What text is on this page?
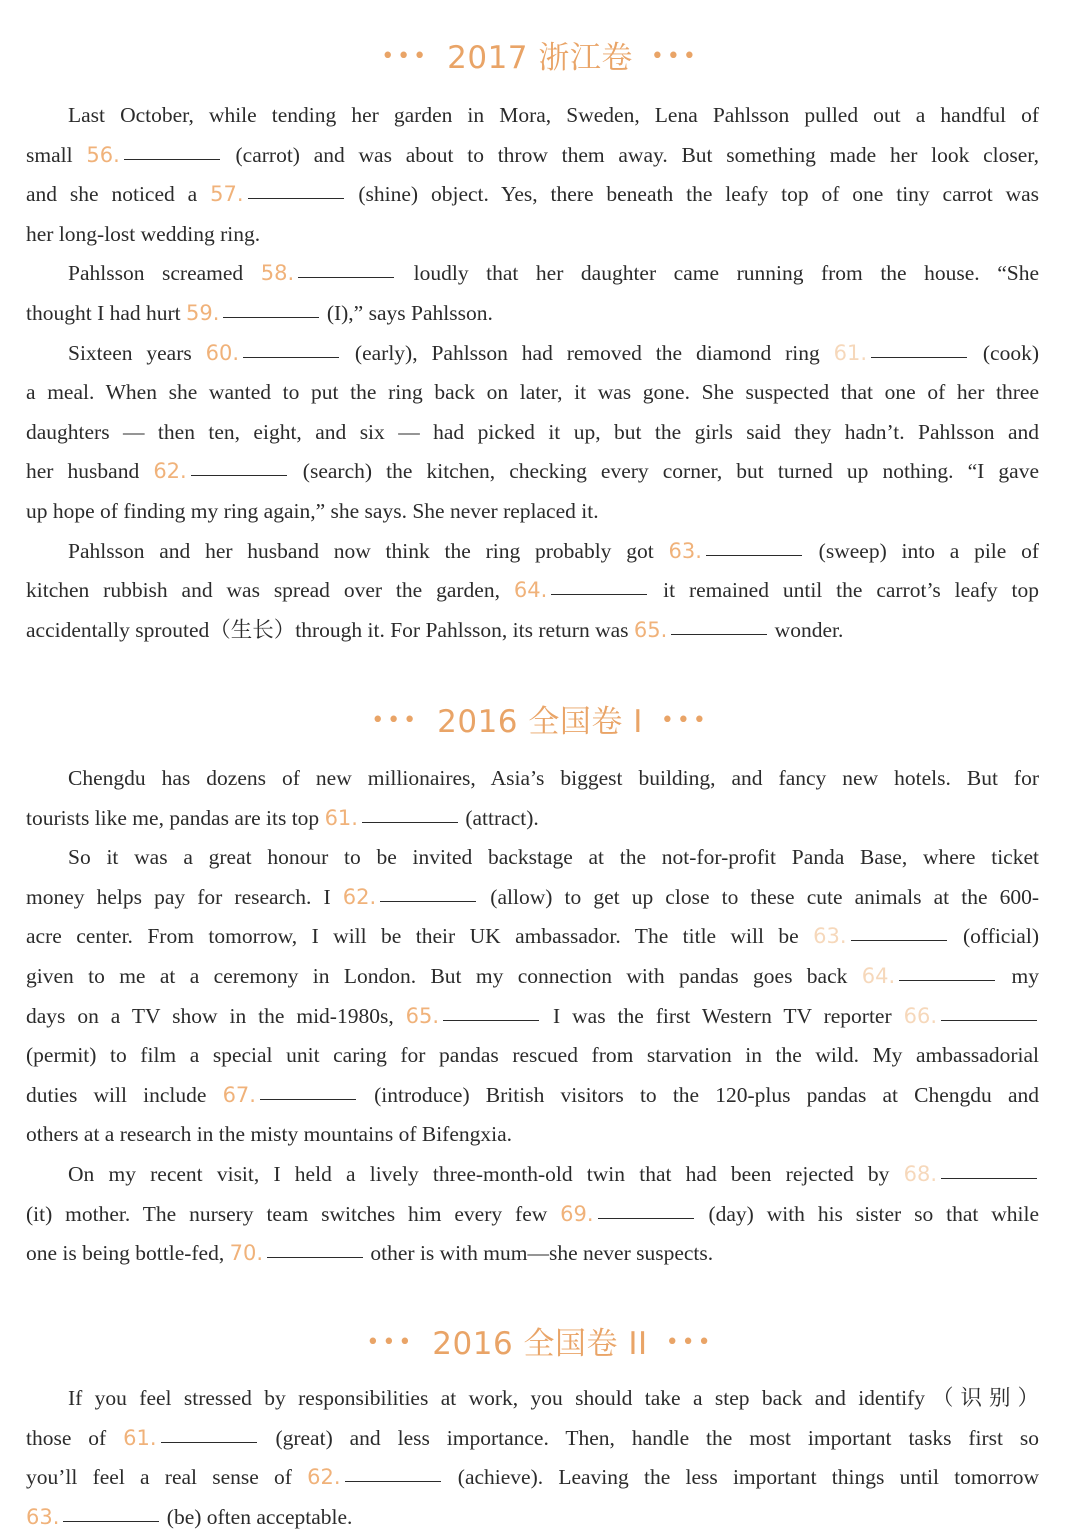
••• 2017 浙江卷 •••
Last October, while tending her garden in Mora, Sweden, Lena Pahlsson pulled out a handful of
small 56.	(carrot) and was about to throw them away. But something made her look closer,
and she noticed a 57.	(shine) object. Yes, there beneath the leafy top of one tiny carrot was
her long-lost wedding ring.
Pahlsson screamed 58.	loudly that her daughter came running from the house. “She
thought I had hurt 59.	(I),” says Pahlsson.
Sixteen years 60.	(early), Pahlsson had removed the diamond ring 61.	(cook)
a meal. When she wanted to put the ring back on later, it was gone. She suspected that one of her three
daughters — then ten, eight, and six — had picked it up, but the girls said they hadn’t. Pahlsson and
her husband 62.	(search) the kitchen, checking every corner, but turned up nothing. “I gave
up hope of finding my ring again,” she says. She never replaced it.
Pahlsson and her husband now think the ring probably got 63.	(sweep) into a pile of
kitchen rubbish and was spread over the garden, 64.	it remained until the carrot’s leafy top
accidentally sprouted（生长）through it. For Pahlsson, its return was 65.	wonder.
••• 2016 全国卷 I •••
Chengdu has dozens of new millionaires, Asia’s biggest building, and fancy new hotels. But for
tourists like me, pandas are its top 61.	(attract).
So it was a great honour to be invited backstage at the not-for-profit Panda Base, where ticket
money helps pay for research. I 62.	(allow) to get up close to these cute animals at the 600-
acre center. From tomorrow, I will be their UK ambassador. The title will be 63.	(official)
given to me at a ceremony in London. But my connection with pandas goes back 64.	my
days on a TV show in the mid-1980s, 65.	I was the first Western TV reporter 66.
(permit) to film a special unit caring for pandas rescued from starvation in the wild. My ambassadorial
duties will include 67.	(introduce) British visitors to the 120-plus pandas at Chengdu and
others at a research in the misty mountains of Bifengxia.
On my recent visit, I held a lively three-month-old twin that had been rejected by 68.
(it) mother. The nursery team switches him every few 69.	(day) with his sister so that while
one is being bottle-fed, 70.	other is with mum—she never suspects.
••• 2016 全国卷 II •••
If you feel stressed by responsibilities at work, you should take a step back and identify（识别）
those of 61.	(great) and less importance. Then, handle the most important tasks first so
you’ll feel a real sense of 62.	(achieve). Leaving the less important things until tomorrow
63.	(be) often acceptable.
